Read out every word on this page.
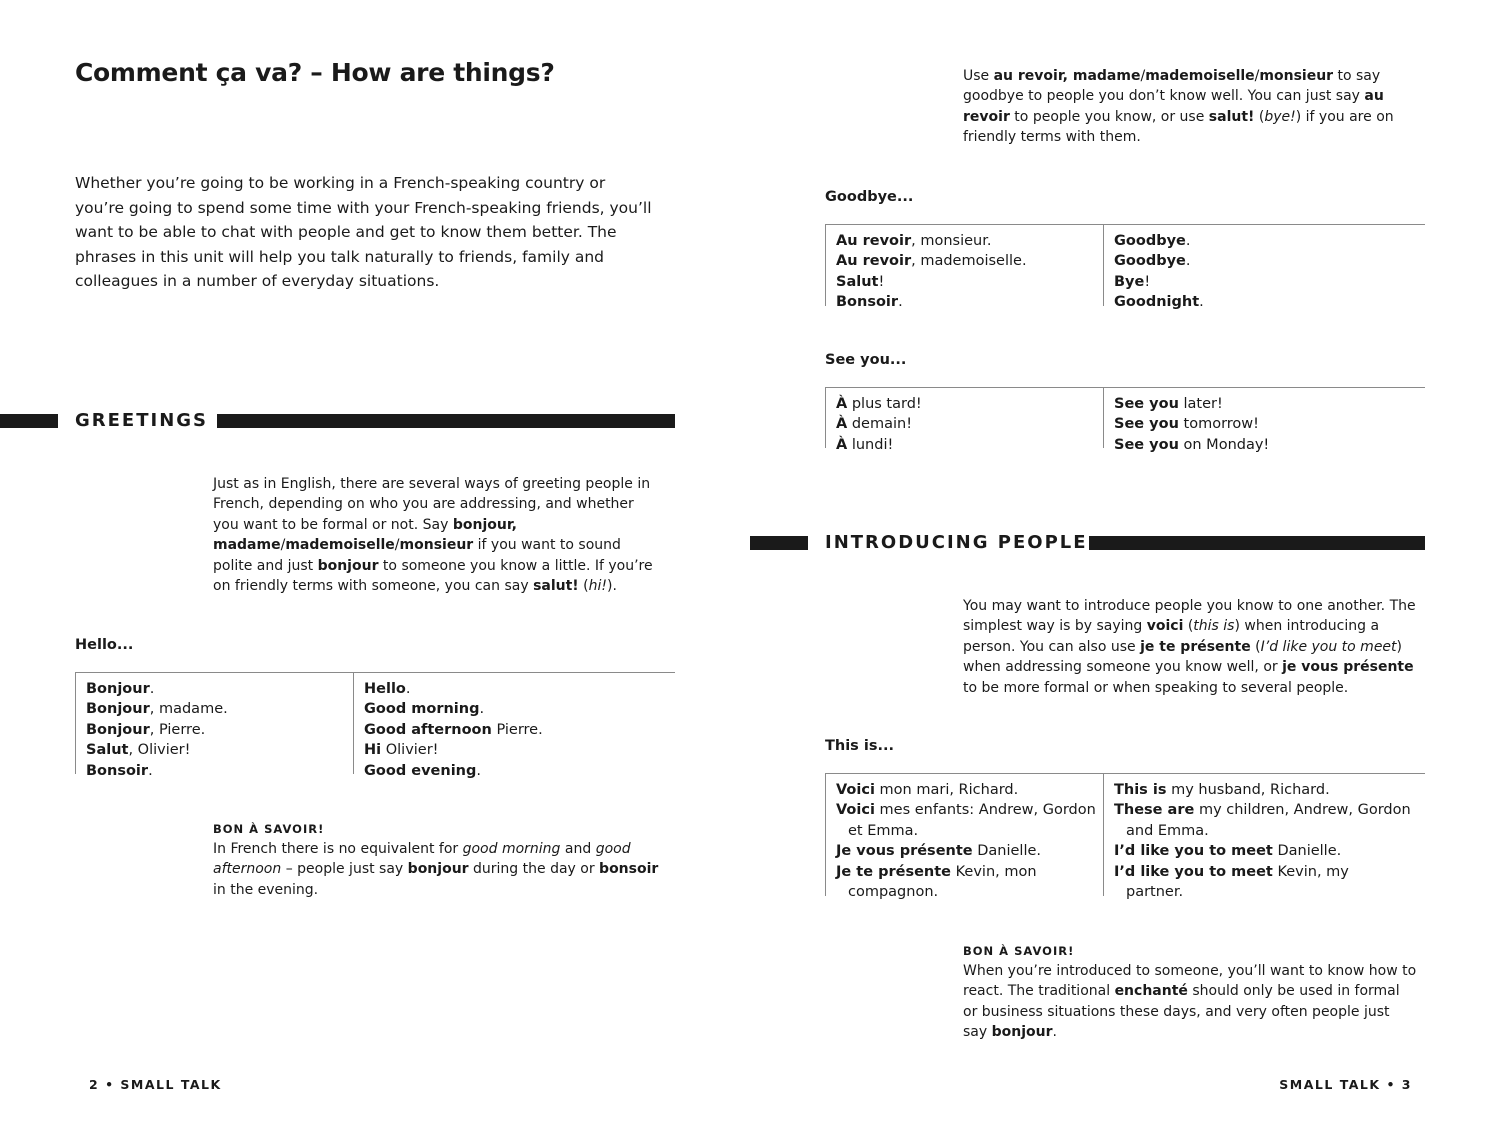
Comment ça va? – How are things?

Whether you’re going to be working in a French-speaking country or you’re going to spend some time with your French-speaking friends, you’ll want to be able to chat with people and get to know them better. The phrases in this unit will help you talk naturally to friends, family and colleagues in a number of everyday situations.

GREETINGS

Just as in English, there are several ways of greeting people in French, depending on who you are addressing, and whether you want to be formal or not. Say bonjour, madame/mademoiselle/monsieur if you want to sound polite and just bonjour to someone you know a little. If you’re on friendly terms with someone, you can say salut! (hi!).

Hello...
Bonjour.
Bonjour, madame.
Bonjour, Pierre.
Salut, Olivier!
Bonsoir.
Hello.
Good morning.
Good afternoon Pierre.
Hi Olivier!
Good evening.
BON À SAVOIR!

In French there is no equivalent for good morning and good afternoon – people just say bonjour during the day or bonsoir in the evening.

2 • SMALL TALK

Use au revoir, madame/mademoiselle/monsieur to say goodbye to people you don’t know well. You can just say au revoir to people you know, or use salut! (bye!) if you are on friendly terms with them.

Goodbye...
Au revoir, monsieur.
Au revoir, mademoiselle.
Salut!
Bonsoir.
Goodbye.
Goodbye.
Bye!
Goodnight.
See you...
À plus tard!
À demain!
À lundi!
See you later!
See you tomorrow!
See you on Monday!
INTRODUCING PEOPLE

You may want to introduce people you know to one another. The simplest way is by saying voici (this is) when introducing a person. You can also use je te présente (I’d like you to meet) when addressing someone you know well, or je vous présente to be more formal or when speaking to several people.

This is...
Voici mon mari, Richard.
Voici mes enfants: Andrew, Gordon
et Emma.
Je vous présente Danielle.
Je te présente Kevin, mon
compagnon.
This is my husband, Richard.
These are my children, Andrew, Gordon
and Emma.
I’d like you to meet Danielle.
I’d like you to meet Kevin, my
partner.
BON À SAVOIR!

When you’re introduced to someone, you’ll want to know how to react. The traditional enchanté should only be used in formal or business situations these days, and very often people just say bonjour.

SMALL TALK • 3
